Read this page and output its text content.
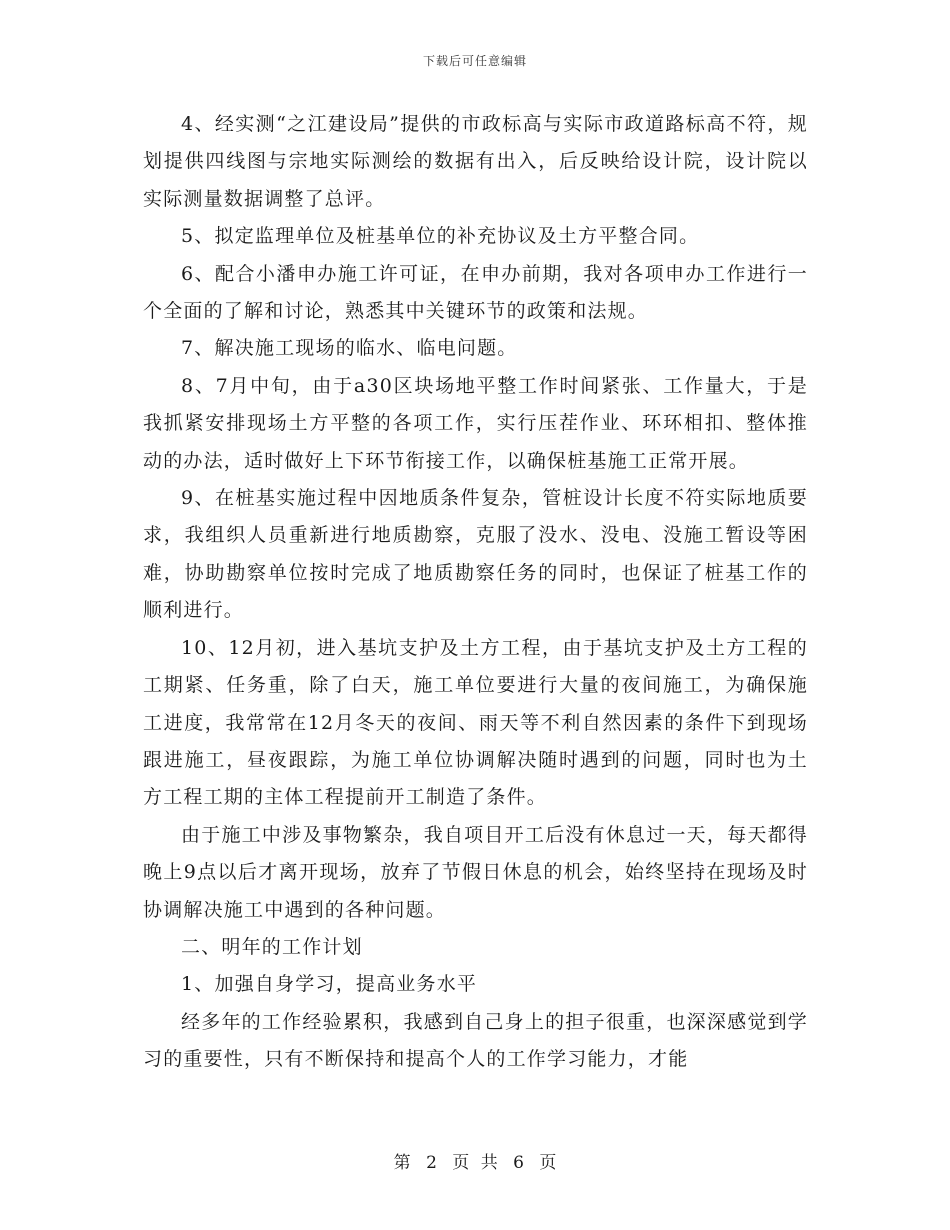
下载后可任意编辑

4、经实测“之江建设局”提供的市政标高与实际市政道路标高不符，规划提供四线图与宗地实际测绘的数据有出入，后反映给设计院，设计院以实际测量数据调整了总评。

5、拟定监理单位及桩基单位的补充协议及土方平整合同。

6、配合小潘申办施工许可证，在申办前期，我对各项申办工作进行一个全面的了解和讨论，熟悉其中关键环节的政策和法规。

7、解决施工现场的临水、临电问题。

8、7月中旬，由于a30区块场地平整工作时间紧张、工作量大，于是我抓紧安排现场土方平整的各项工作，实行压茬作业、环环相扣、整体推动的办法，适时做好上下环节衔接工作，以确保桩基施工正常开展。

9、在桩基实施过程中因地质条件复杂，管桩设计长度不符实际地质要求，我组织人员重新进行地质勘察，克服了没水、没电、没施工暂设等困难，协助勘察单位按时完成了地质勘察任务的同时，也保证了桩基工作的顺利进行。

10、12月初，进入基坑支护及土方工程，由于基坑支护及土方工程的工期紧、任务重，除了白天，施工单位要进行大量的夜间施工，为确保施工进度，我常常在12月冬天的夜间、雨天等不利自然因素的条件下到现场跟进施工，昼夜跟踪，为施工单位协调解决随时遇到的问题，同时也为土方工程工期的主体工程提前开工制造了条件。

由于施工中涉及事物繁杂，我自项目开工后没有休息过一天，每天都得晚上9点以后才离开现场，放弃了节假日休息的机会，始终坚持在现场及时协调解决施工中遇到的各种问题。

二、明年的工作计划

1、加强自身学习，提高业务水平

经多年的工作经验累积，我感到自己身上的担子很重，也深深感觉到学习的重要性，只有不断保持和提高个人的工作学习能力，才能

第 2 页 共 6 页
